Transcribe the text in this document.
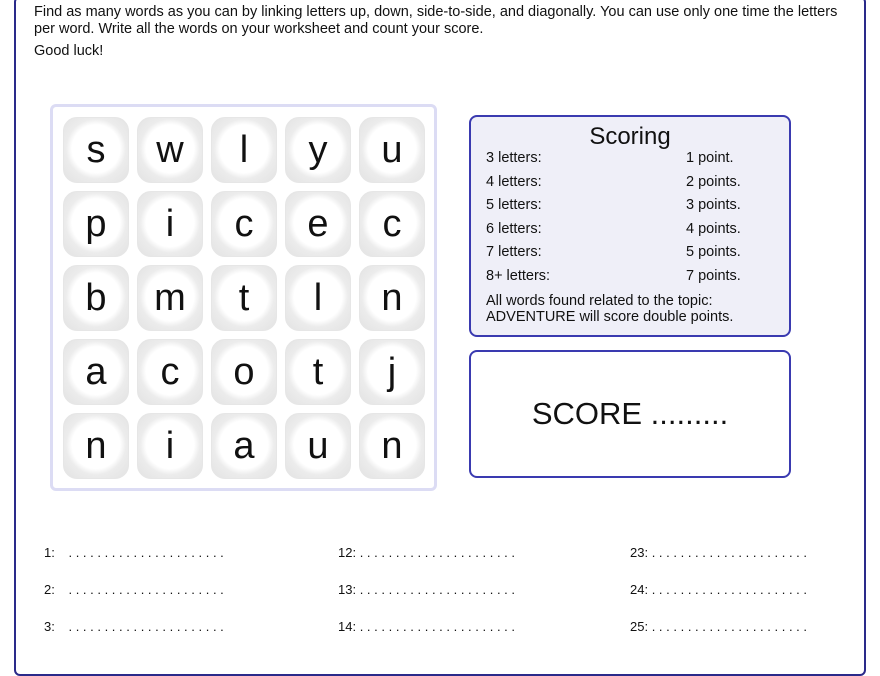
Find as many words as you can by linking letters up, down, side-to-side, and diagonally. You can use only one time the letters per word. Write all the words on your worksheet and count your score.

Good luck!

s	w	l	y	u
p	i	c	e	c
b	m	t	l	n
a	c	o	t	j
n	i	a	u	n
Scoring
3 letters:	1 point.
4 letters:	2 points.
5 letters:	3 points.
6 letters:	4 points.
7 letters:	5 points.
8+ letters:	7 points.

All words found related to the topic:
ADVENTURE will score double points.

SCORE .........
1: . . . . . . . . . . . . . . . . . . . . . .
2: . . . . . . . . . . . . . . . . . . . . . .
3: . . . . . . . . . . . . . . . . . . . . . .
12: . . . . . . . . . . . . . . . . . . . . . .
13: . . . . . . . . . . . . . . . . . . . . . .
14: . . . . . . . . . . . . . . . . . . . . . .
23: . . . . . . . . . . . . . . . . . . . . . .
24: . . . . . . . . . . . . . . . . . . . . . .
25: . . . . . . . . . . . . . . . . . . . . . .
